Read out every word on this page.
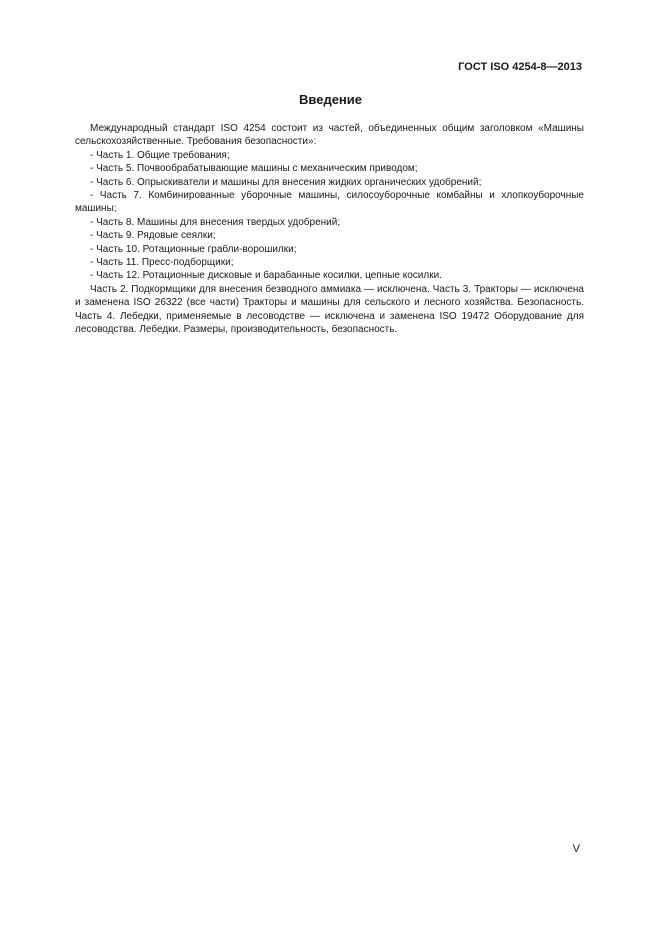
ГОСТ ISO 4254-8—2013
Введение

Международный стандарт ISO 4254 состоит из частей, объединенных общим заголовком «Машины сельскохозяйственные. Требования безопасности»:

- Часть 1. Общие требования;

- Часть 5. Почвообрабатывающие машины с механическим приводом;

- Часть 6. Опрыскиватели и машины для внесения жидких органических удобрений;

- Часть 7. Комбинированные уборочные машины, силосоуборочные комбайны и хлопкоуборочные машины;

- Часть 8. Машины для внесения твердых удобрений;

- Часть 9. Рядовые сеялки;

- Часть 10. Ротационные грабли-ворошилки;

- Часть 11. Пресс-подборщики;

- Часть 12. Ротационные дисковые и барабанные косилки, цепные косилки.

Часть 2. Подкормщики для внесения безводного аммиака — исключена. Часть 3. Тракторы — исключена и заменена ISO 26322 (все части) Тракторы и машины для сельского и лесного хозяйства. Безопасность. Часть 4. Лебедки, применяемые в лесоводстве — исключена и заменена ISO 19472 Оборудование для лесоводства. Лебедки. Размеры, производительность, безопасность.

V
